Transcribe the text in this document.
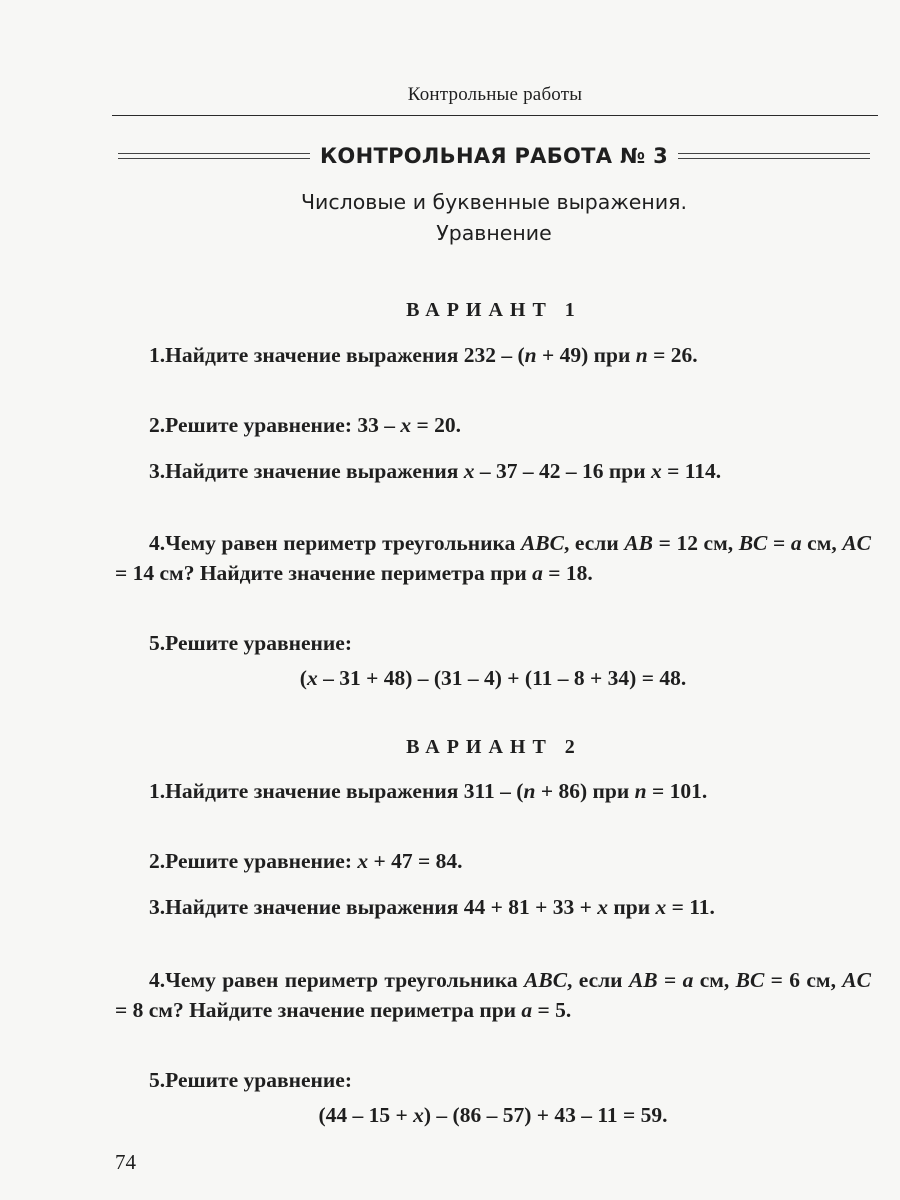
Контрольные работы
КОНТРОЛЬНАЯ РАБОТА № 3
Числовые и буквенные выражения.
Уравнение
ВАРИАНТ 1
1.Найдите значение выражения 232 – (n + 49) при n = 26.
2.Решите уравнение: 33 – x = 20.
3.Найдите значение выражения x – 37 – 42 – 16 при x = 114.
4.Чему равен периметр треугольника ABC, если AB = 12 см, BC = a см, AC = 14 см? Найдите значение периметра при a = 18.
5.Решите уравнение:
(x – 31 + 48) – (31 – 4) + (11 – 8 + 34) = 48.
ВАРИАНТ 2
1.Найдите значение выражения 311 – (n + 86) при n = 101.
2.Решите уравнение: x + 47 = 84.
3.Найдите значение выражения 44 + 81 + 33 + x при x = 11.
4.Чему равен периметр треугольника ABC, если AB = a см, BC = 6 см, AC = 8 см? Найдите значение периметра при a = 5.
5.Решите уравнение:
(44 – 15 + x) – (86 – 57) + 43 – 11 = 59.
74
